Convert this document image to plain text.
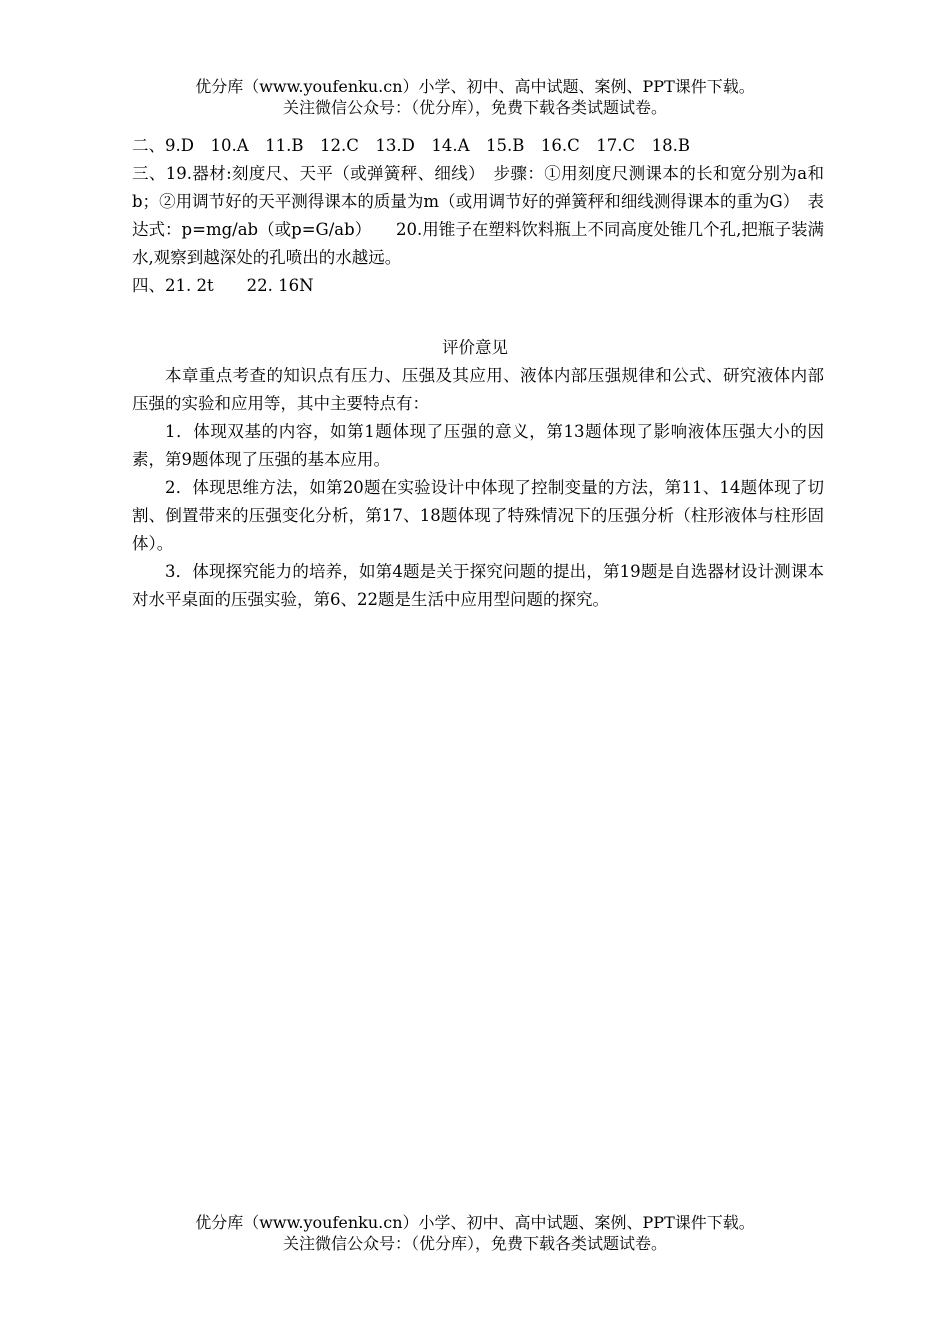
优分库（www.youfenku.cn）小学、初中、高中试题、案例、PPT课件下载。
关注微信公众号：（优分库），免费下载各类试题试卷。
二、9.D　10.A　11.B　12.C　13.D　14.A　15.B　16.C　17.C　18.B
三、19.器材:刻度尺、天平（或弹簧秤、细线）　步骤：①用刻度尺测课本的长和宽分别为a和b；②用调节好的天平测得课本的质量为m（或用调节好的弹簧秤和细线测得课本的重为G）　表达式：p=mg/ab（或p=G/ab）　　20.用锥子在塑料饮料瓶上不同高度处锥几个孔,把瓶子装满水,观察到越深处的孔喷出的水越远。
四、21. 2t　　22. 16N
评价意见

本章重点考查的知识点有压力、压强及其应用、液体内部压强规律和公式、研究液体内部压强的实验和应用等，其中主要特点有：

1．体现双基的内容，如第1题体现了压强的意义，第13题体现了影响液体压强大小的因素，第9题体现了压强的基本应用。

2．体现思维方法，如第20题在实验设计中体现了控制变量的方法，第11、14题体现了切割、倒置带来的压强变化分析，第17、18题体现了特殊情况下的压强分析（柱形液体与柱形固体）。

3．体现探究能力的培养，如第4题是关于探究问题的提出，第19题是自选器材设计测课本对水平桌面的压强实验，第6、22题是生活中应用型问题的探究。

优分库（www.youfenku.cn）小学、初中、高中试题、案例、PPT课件下载。
关注微信公众号：（优分库），免费下载各类试题试卷。
